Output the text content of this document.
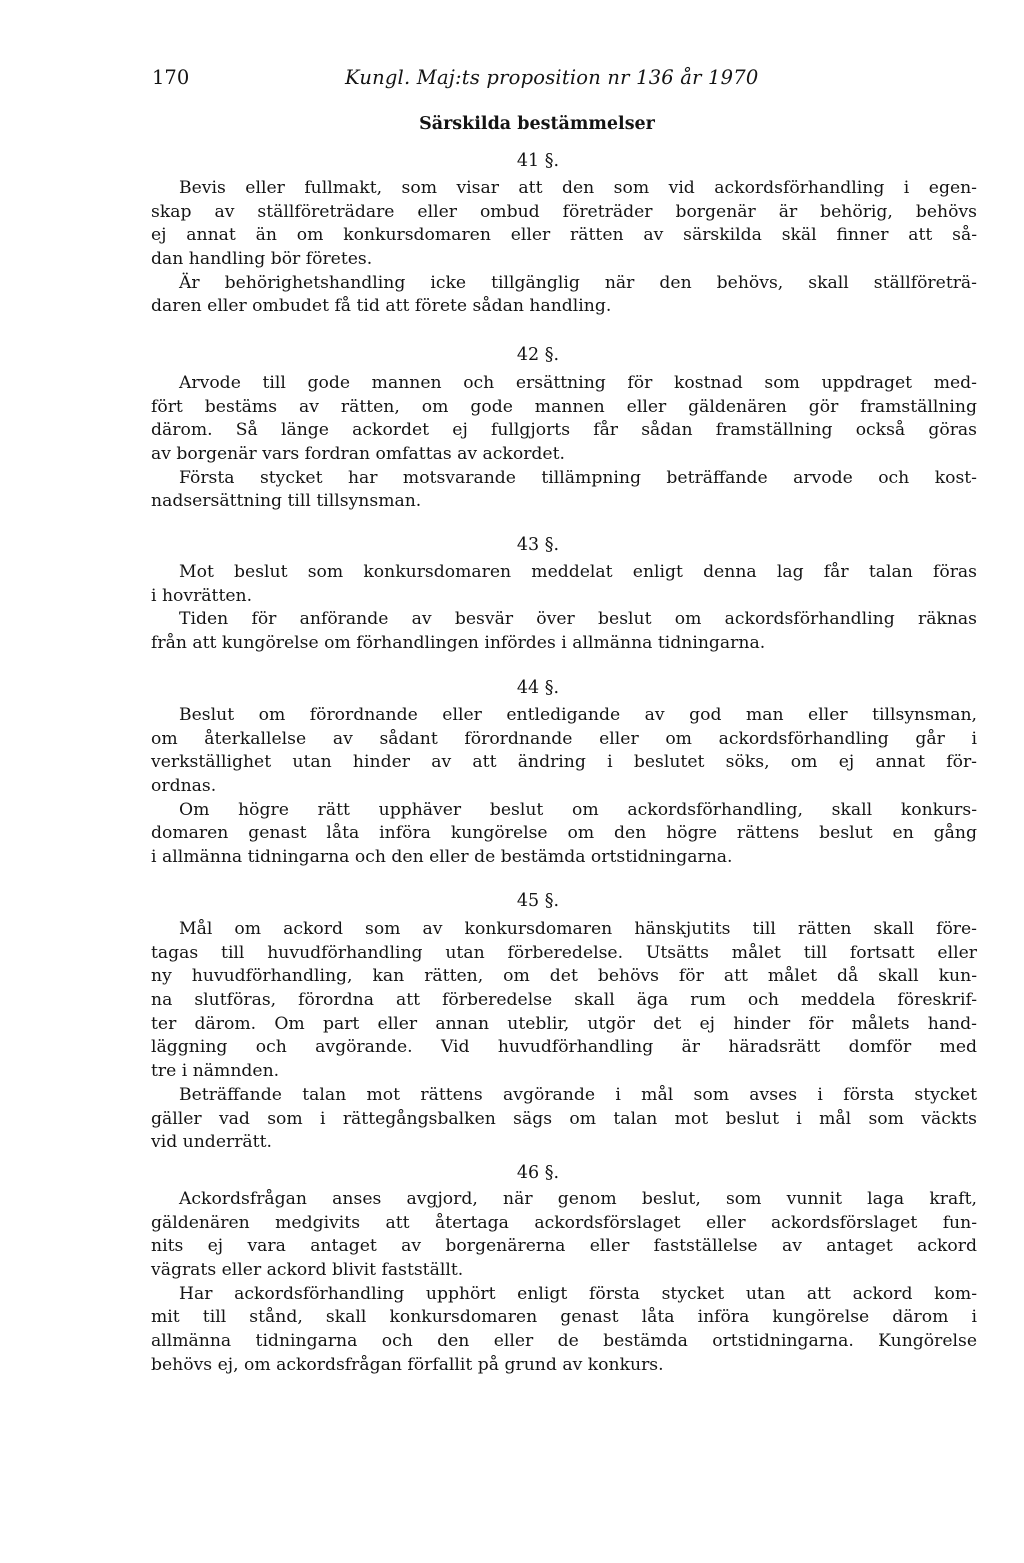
170	Kungl. Maj:ts proposition nr 136 år 1970
Särskilda bestämmelser
41 §.
Bevis eller fullmakt, som visar att den som vid ackordsförhandling i egen-
skap av ställföreträdare eller ombud företräder borgenär är behörig, behövs
ej annat än om konkursdomaren eller rätten av särskilda skäl finner att så-
dan handling bör företes.
Är behörighetshandling icke tillgänglig när den behövs, skall ställföreträ-
daren eller ombudet få tid att förete sådan handling.
42 §.
Arvode till gode mannen och ersättning för kostnad som uppdraget med-
fört bestäms av rätten, om gode mannen eller gäldenären gör framställning
därom. Så länge ackordet ej fullgjorts får sådan framställning också göras
av borgenär vars fordran omfattas av ackordet.
Första stycket har motsvarande tillämpning beträffande arvode och kost-
nadsersättning till tillsynsman.
43 §.
Mot beslut som konkursdomaren meddelat enligt denna lag får talan föras
i hovrätten.
Tiden för anförande av besvär över beslut om ackordsförhandling räknas
från att kungörelse om förhandlingen infördes i allmänna tidningarna.
44 §.
Beslut om förordnande eller entledigande av god man eller tillsynsman,
om återkallelse av sådant förordnande eller om ackordsförhandling går i
verkställighet utan hinder av att ändring i beslutet söks, om ej annat för-
ordnas.
Om högre rätt upphäver beslut om ackordsförhandling, skall konkurs-
domaren genast låta införa kungörelse om den högre rättens beslut en gång
i allmänna tidningarna och den eller de bestämda ortstidningarna.
45 §.
Mål om ackord som av konkursdomaren hänskjutits till rätten skall före-
tagas till huvudförhandling utan förberedelse. Utsätts målet till fortsatt eller
ny huvudförhandling, kan rätten, om det behövs för att målet då skall kun-
na slutföras, förordna att förberedelse skall äga rum och meddela föreskrif-
ter därom. Om part eller annan uteblir, utgör det ej hinder för målets hand-
läggning och avgörande. Vid huvudförhandling är häradsrätt domför med
tre i nämnden.
Beträffande talan mot rättens avgörande i mål som avses i första stycket
gäller vad som i rättegångsbalken sägs om talan mot beslut i mål som väckts
vid underrätt.
46 §.
Ackordsfrågan anses avgjord, när genom beslut, som vunnit laga kraft,
gäldenären medgivits att återtaga ackordsförslaget eller ackordsförslaget fun-
nits ej vara antaget av borgenärerna eller fastställelse av antaget ackord
vägrats eller ackord blivit fastställt.
Har ackordsförhandling upphört enligt första stycket utan att ackord kom-
mit till stånd, skall konkursdomaren genast låta införa kungörelse därom i
allmänna tidningarna och den eller de bestämda ortstidningarna. Kungörelse
behövs ej, om ackordsfrågan förfallit på grund av konkurs.
